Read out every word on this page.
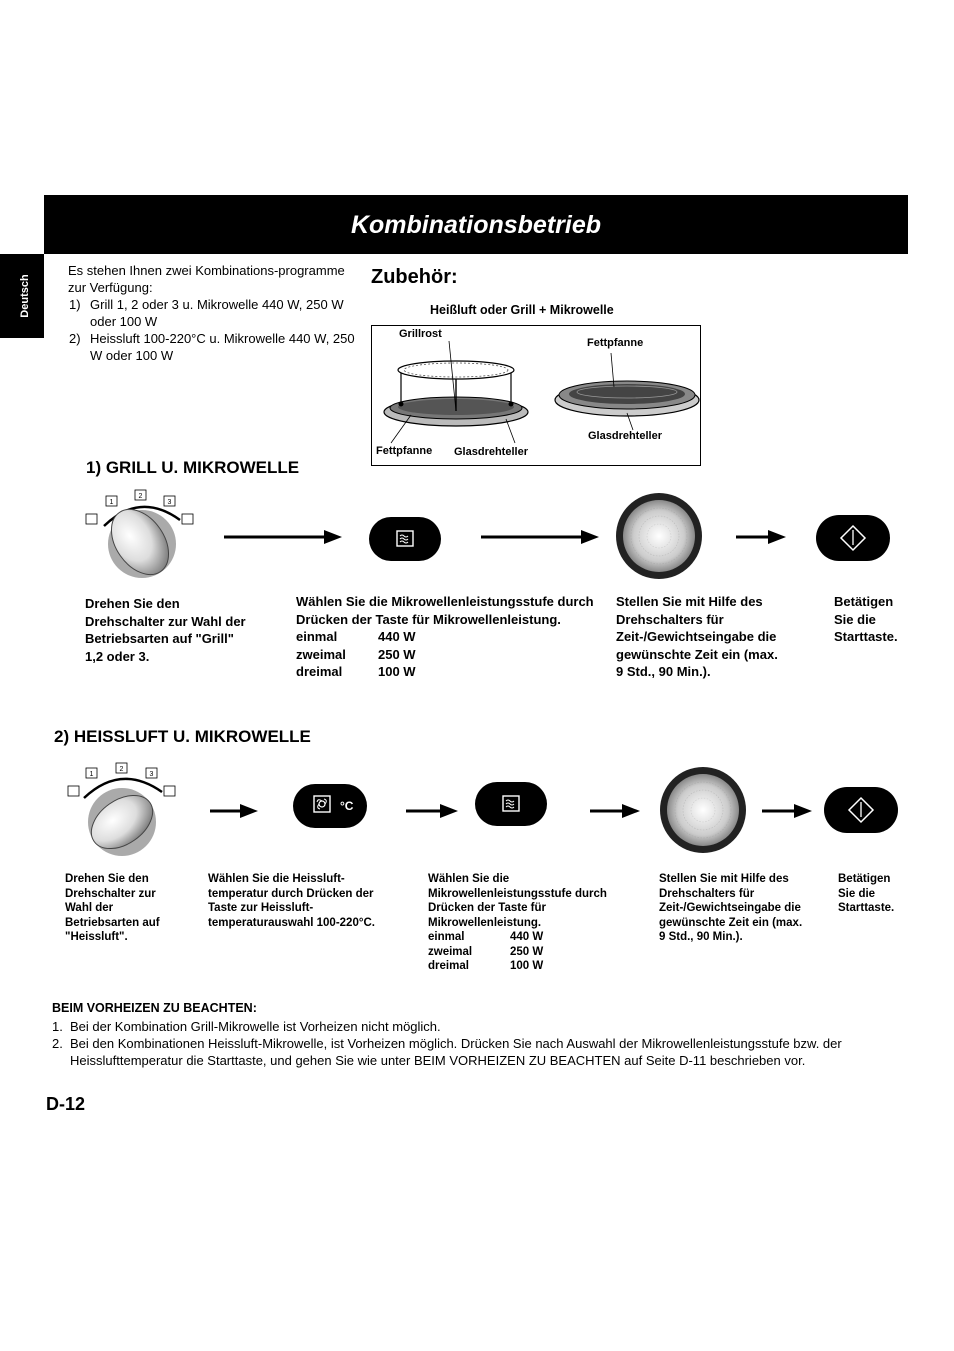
Kombinationsbetrieb
Deutsch
Es stehen Ihnen zwei Kombinations-programme zur Verfügung:
1) Grill 1, 2 oder 3 u. Mikrowelle 440 W, 250 W oder 100 W
2) Heissluft 100-220°C u. Mikrowelle 440 W, 250 W oder 100 W
Zubehör:
Heißluft oder Grill + Mikrowelle
Grillrost
Fettpfanne Glasdrehteller
Fettpfanne
Glasdrehteller
1) GRILL U. MIKROWELLE
1
2
3
Drehen Sie den Drehschalter zur Wahl der Betriebsarten auf "Grill" 1,2 oder 3.
Wählen Sie die Mikrowellenleistungsstufe durch Drücken der Taste für Mikrowellenleistung.
einmal	440 W
zweimal	250 W
dreimal	100 W
Stellen Sie mit Hilfe des Drehschalters für Zeit-/Gewichtseingabe die gewünschte Zeit ein (max. 9 Std., 90 Min.).
Betätigen Sie die Starttaste.
2) HEISSLUFT U. MIKROWELLE
1
2
3
°C
Drehen Sie den Drehschalter zur Wahl der Betriebsarten auf "Heissluft".
Wählen Sie die Heissluft-temperatur durch Drücken der Taste zur Heissluft-temperaturauswahl 100-220°C.
Wählen Sie die Mikrowellenleistungsstufe durch Drücken der Taste für Mikrowellenleistung.
einmal	440 W
zweimal	250 W
dreimal	100 W
Stellen Sie mit Hilfe des Drehschalters für Zeit-/Gewichtseingabe die gewünschte Zeit ein (max. 9 Std., 90 Min.).
Betätigen Sie die Starttaste.
BEIM VORHEIZEN ZU BEACHTEN:
1. Bei der Kombination Grill-Mikrowelle ist Vorheizen nicht möglich.
2. Bei den Kombinationen Heissluft-Mikrowelle, ist Vorheizen möglich. Drücken Sie nach Auswahl der Mikrowellenleistungsstufe bzw. der Heisslufttemperatur die Starttaste, und gehen Sie wie unter BEIM VORHEIZEN ZU BEACHTEN auf Seite D-11 beschrieben vor.
D-12
